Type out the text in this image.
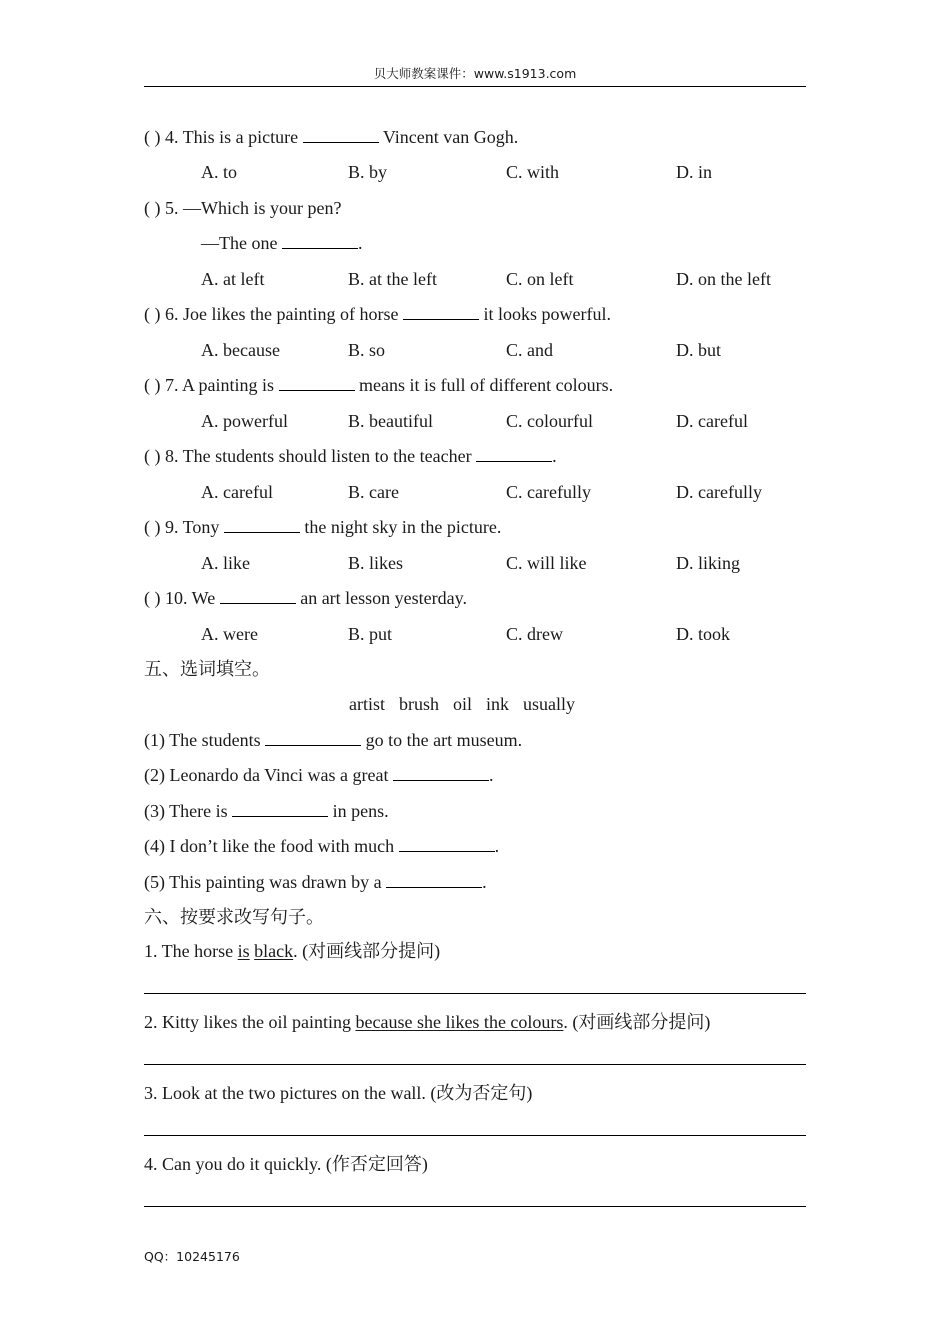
贝大师教案课件：www.s1913.com
( ) 4. This is a picture	Vincent van Gogh.
A. to	B. by	C. with	D. in
( ) 5. —Which is your pen?
—The one	.
A. at left	B. at the left	C. on left	D. on the left
( ) 6. Joe likes the painting of horse	it looks powerful.
A. because	B. so	C. and	D. but
( ) 7. A painting is	means it is full of different colours.
A. powerful	B. beautiful	C. colourful	D. careful
( ) 8. The students should listen to the teacher	.
A. careful	B. care	C. carefully	D. carefully
( ) 9. Tony	the night sky in the picture.
A. like	B. likes	C. will like	D. liking
( ) 10. We	an art lesson yesterday.
A. were	B. put	C. drew	D. took
五、选词填空。
artist brush oil ink usually
(1) The students	go to the art museum.
(2) Leonardo da Vinci was a great	.
(3) There is	in pens.
(4) I don’t like the food with much	.
(5) This painting was drawn by a	.
六、按要求改写句子。
1. The horse is black. (对画线部分提问)
2. Kitty likes the oil painting because she likes the colours. (对画线部分提问)
3. Look at the two pictures on the wall. (改为否定句)
4. Can you do it quickly. (作否定回答)
QQ：10245176
